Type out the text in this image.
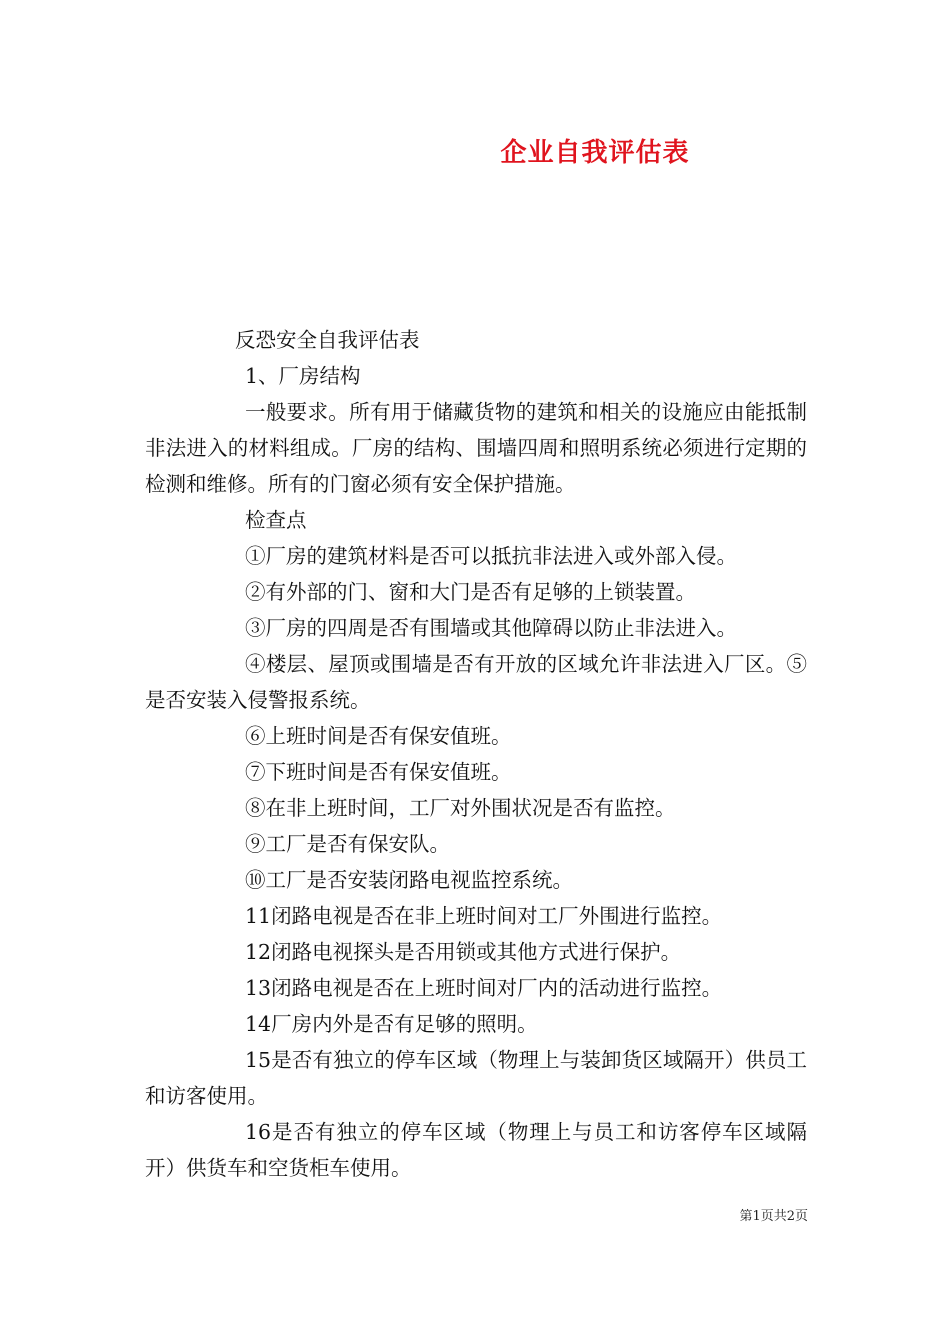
企业自我评估表

反恐安全自我评估表

1、厂房结构

一般要求。所有用于储藏货物的建筑和相关的设施应由能抵制非法进入的材料组成。厂房的结构、围墙四周和照明系统必须进行定期的检测和维修。所有的门窗必须有安全保护措施。

检查点

①厂房的建筑材料是否可以抵抗非法进入或外部入侵。

②有外部的门、窗和大门是否有足够的上锁装置。

③厂房的四周是否有围墙或其他障碍以防止非法进入。

④楼层、屋顶或围墙是否有开放的区域允许非法进入厂区。⑤是否安装入侵警报系统。

⑥上班时间是否有保安值班。

⑦下班时间是否有保安值班。

⑧在非上班时间，工厂对外围状况是否有监控。

⑨工厂是否有保安队。

⑩工厂是否安装闭路电视监控系统。

11闭路电视是否在非上班时间对工厂外围进行监控。

12闭路电视探头是否用锁或其他方式进行保护。

13闭路电视是否在上班时间对厂内的活动进行监控。

14厂房内外是否有足够的照明。

15是否有独立的停车区域（物理上与装卸货区域隔开）供员工和访客使用。

16是否有独立的停车区域（物理上与员工和访客停车区域隔开）供货车和空货柜车使用。

第1页共2页
